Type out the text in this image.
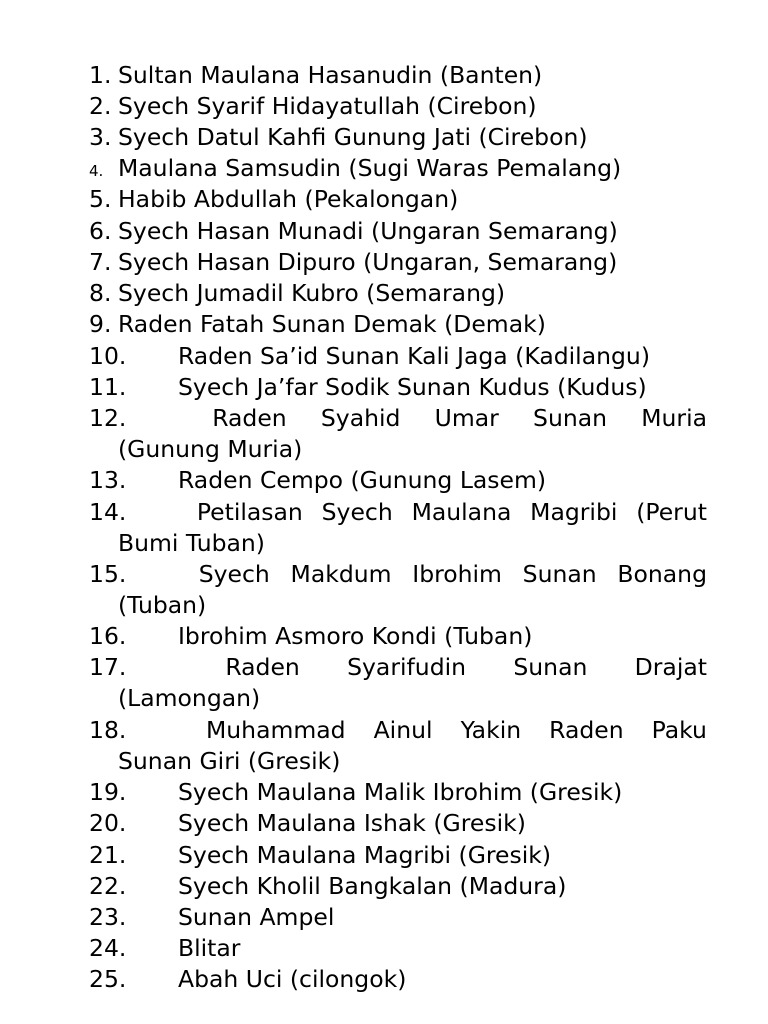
1. Sultan Maulana Hasanudin (Banten)
2. Syech Syarif Hidayatullah (Cirebon)
3. Syech Datul Kahfi Gunung Jati (Cirebon)
4. Maulana Samsudin (Sugi Waras Pemalang)
5. Habib Abdullah (Pekalongan)
6. Syech Hasan Munadi (Ungaran Semarang)
7. Syech Hasan Dipuro (Ungaran, Semarang)
8. Syech Jumadil Kubro (Semarang)
9. Raden Fatah Sunan Demak (Demak)
10. Raden Sa’id Sunan Kali Jaga (Kadilangu)
11. Syech Ja’far Sodik Sunan Kudus (Kudus)
12.	Raden Syahid Umar Sunan Muria
(Gunung Muria)
13. Raden Cempo (Gunung Lasem)
14.	Petilasan Syech Maulana Magribi (Perut
Bumi Tuban)
15.	Syech Makdum Ibrohim Sunan Bonang
(Tuban)
16. Ibrohim Asmoro Kondi (Tuban)
17.	Raden Syarifudin Sunan Drajat
(Lamongan)
18.	Muhammad Ainul Yakin Raden Paku
Sunan Giri (Gresik)
19. Syech Maulana Malik Ibrohim (Gresik)
20. Syech Maulana Ishak (Gresik)
21. Syech Maulana Magribi (Gresik)
22. Syech Kholil Bangkalan (Madura)
23. Sunan Ampel
24. Blitar
25. Abah Uci (cilongok)
